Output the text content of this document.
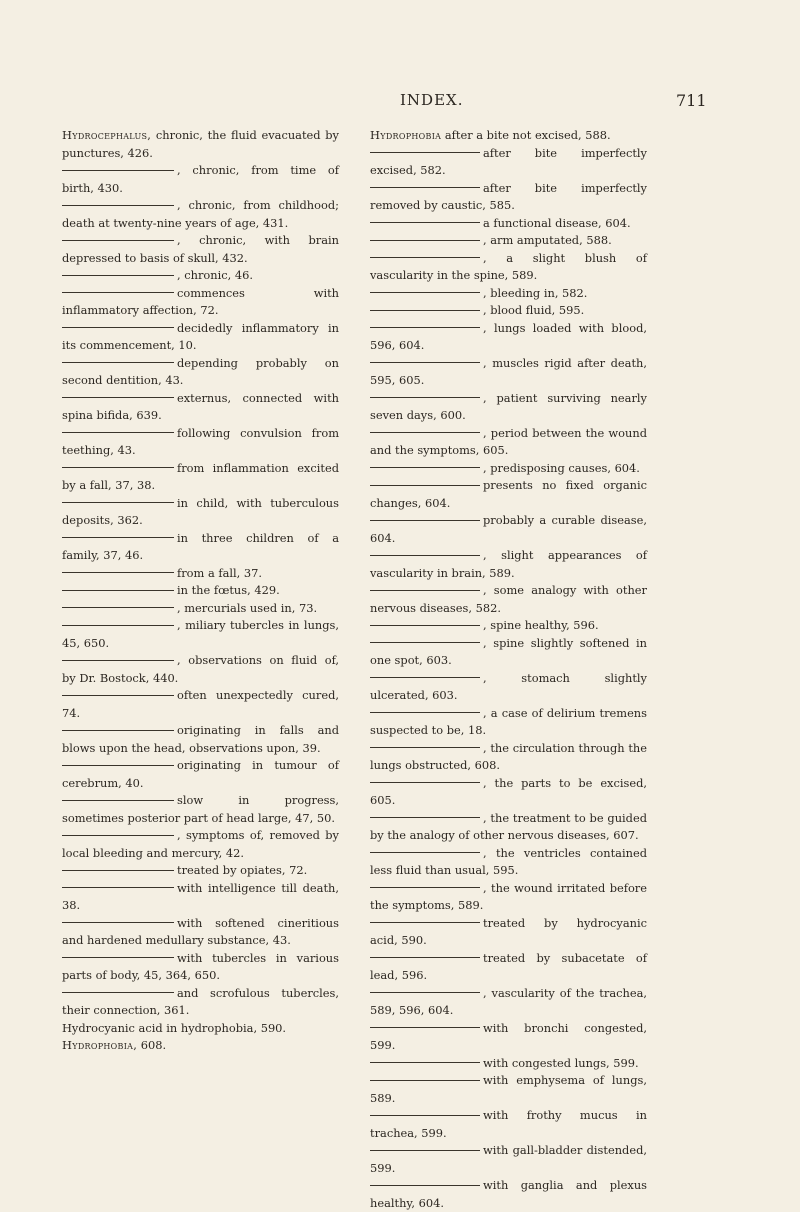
INDEX.	711

Hydrocephalus, chronic, the fluid evacuated by punctures, 426.

, chronic, from time of birth, 430.

, chronic, from childhood; death at twenty-nine years of age, 431.

, chronic, with brain depressed to basis of skull, 432.

, chronic, 46.

commences with inflammatory affection, 72.

decidedly inflammatory in its commencement, 10.

depending probably on second dentition, 43.

externus, connected with spina bifida, 639.

following convulsion from teething, 43.

from inflammation excited by a fall, 37, 38.

in child, with tuberculous deposits, 362.

in three children of a family, 37, 46.

from a fall, 37.

in the fœtus, 429.

, mercurials used in, 73.

, miliary tubercles in lungs, 45, 650.

, observations on fluid of, by Dr. Bostock, 440.

often unexpectedly cured, 74.

originating in falls and blows upon the head, observations upon, 39.

originating in tumour of cerebrum, 40.

slow in progress, sometimes posterior part of head large, 47, 50.

, symptoms of, removed by local bleeding and mercury, 42.

treated by opiates, 72.

with intelligence till death, 38.

with softened cineritious and hardened medullary substance, 43.

with tubercles in various parts of body, 45, 364, 650.

and scrofulous tubercles, their connection, 361.

Hydrocyanic acid in hydrophobia, 590.

Hydrophobia, 608.

Hydrophobia after a bite not excised, 588.

after bite imperfectly excised, 582.

after bite imperfectly removed by caustic, 585.

a functional disease, 604.

, arm amputated, 588.

, a slight blush of vascularity in the spine, 589.

, bleeding in, 582.

, blood fluid, 595.

, lungs loaded with blood, 596, 604.

, muscles rigid after death, 595, 605.

, patient surviving nearly seven days, 600.

, period between the wound and the symptoms, 605.

, predisposing causes, 604.

presents no fixed organic changes, 604.

probably a curable disease, 604.

, slight appearances of vascularity in brain, 589.

, some analogy with other nervous diseases, 582.

, spine healthy, 596.

, spine slightly softened in one spot, 603.

, stomach slightly ulcerated, 603.

, a case of delirium tremens suspected to be, 18.

, the circulation through the lungs obstructed, 608.

, the parts to be excised, 605.

, the treatment to be guided by the analogy of other nervous diseases, 607.

, the ventricles contained less fluid than usual, 595.

, the wound irritated before the symptoms, 589.

treated by hydrocyanic acid, 590.

treated by subacetate of lead, 596.

, vascularity of the trachea, 589, 596, 604.

with bronchi congested, 599.

with congested lungs, 599.

with emphysema of lungs, 589.

with frothy mucus in trachea, 599.

with gall-bladder distended, 599.

with ganglia and plexus healthy, 604.
